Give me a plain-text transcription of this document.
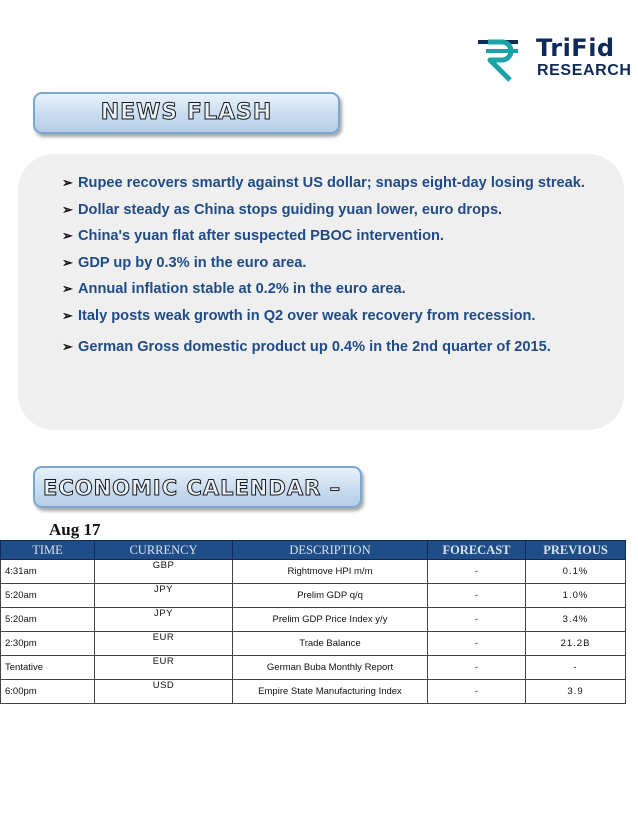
TriFid
RESEARCH
NEWS FLASH
➢ Rupee recovers smartly against US dollar; snaps eight-day losing streak.
➢ Dollar steady as China stops guiding yuan lower, euro drops.
➢ China's yuan flat after suspected PBOC intervention.
➢ GDP up by 0.3% in the euro area.
➢ Annual inflation stable at 0.2% in the euro area.
➢ Italy posts weak growth in Q2 over weak recovery from recession.
➢ German Gross domestic product up 0.4% in the 2nd quarter of 2015.
ECONOMIC CALENDAR – Aug 17
TIME	CURRENCY	DESCRIPTION	FORECAST	PREVIOUS
4:31am	GBP	Rightmove HPI m/m	-	0.1%
5:20am	JPY	Prelim GDP q/q	-	1.0%
5:20am	JPY	Prelim GDP Price Index y/y	-	3.4%
2:30pm	EUR	Trade Balance	-	21.2B
Tentative	EUR	German Buba Monthly Report	-	-
6:00pm	USD	Empire State Manufacturing Index	-	3.9
